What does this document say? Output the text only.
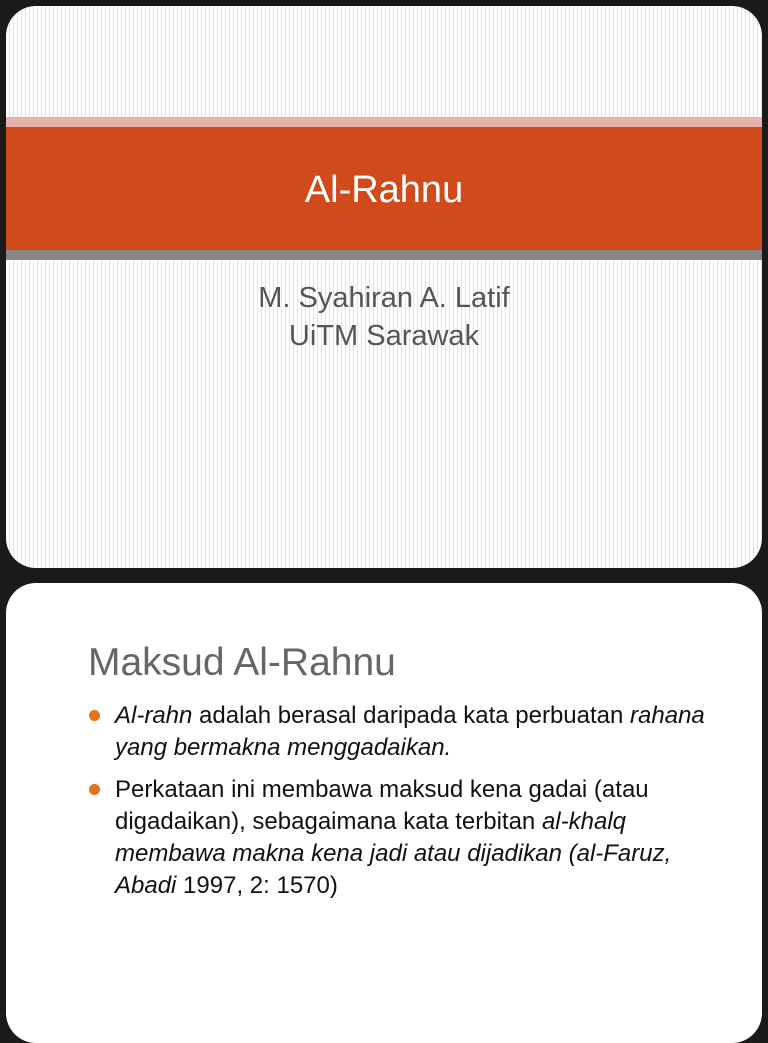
Al-Rahnu
M. Syahiran A. Latif
UiTM Sarawak
Maksud Al-Rahnu
Al-rahn adalah berasal daripada kata perbuatan rahana yang bermakna menggadaikan.
Perkataan ini membawa maksud kena gadai (atau digadaikan), sebagaimana kata terbitan al-khalq membawa makna kena jadi atau dijadikan (al-Faruz, Abadi 1997, 2: 1570)
